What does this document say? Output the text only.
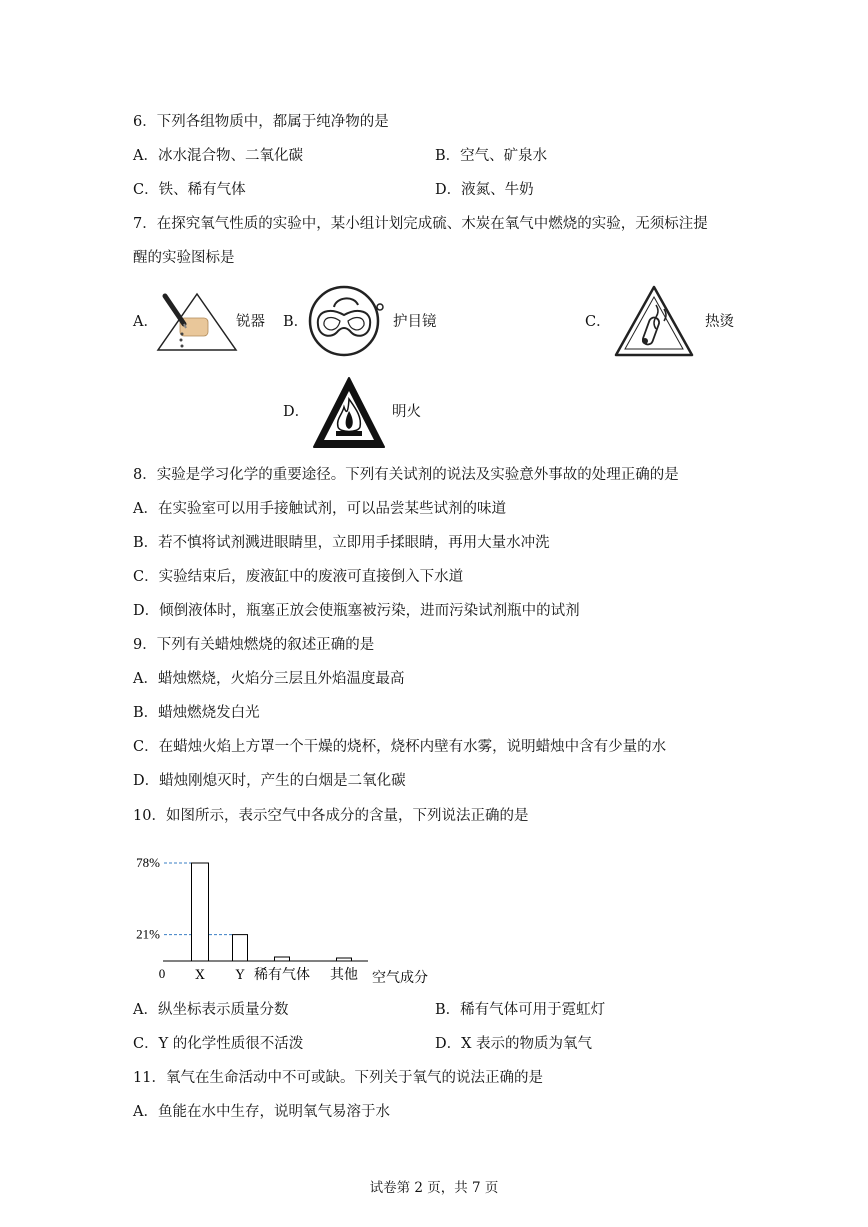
6．下列各组物质中，都属于纯净物的是
A．冰水混合物、二氧化碳	B．空气、矿泉水
C．铁、稀有气体	D．液氮、牛奶
7．在探究氧气性质的实验中，某小组计划完成硫、木炭在氧气中燃烧的实验，无须标注提
醒的实验图标是
A．	锐器 B．	护目镜	C．	热烫
D．	明火
8．实验是学习化学的重要途径。下列有关试剂的说法及实验意外事故的处理正确的是
A．在实验室可以用手接触试剂，可以品尝某些试剂的味道
B．若不慎将试剂溅进眼睛里，立即用手揉眼睛，再用大量水冲洗
C．实验结束后，废液缸中的废液可直接倒入下水道
D．倾倒液体时，瓶塞正放会使瓶塞被污染，进而污染试剂瓶中的试剂
9．下列有关蜡烛燃烧的叙述正确的是
A．蜡烛燃烧，火焰分三层且外焰温度最高
B．蜡烛燃烧发白光
C．在蜡烛火焰上方罩一个干燥的烧杯，烧杯内壁有水雾，说明蜡烛中含有少量的水
D．蜡烛刚熄灭时，产生的白烟是二氧化碳
10．如图所示，表示空气中各成分的含量，下列说法正确的是
78%
21%
0 X Y 稀有气体 其他 空气成分
A．纵坐标表示质量分数	B．稀有气体可用于霓虹灯
C．Y 的化学性质很不活泼	D．X 表示的物质为氧气
11．氧气在生命活动中不可或缺。下列关于氧气的说法正确的是
A．鱼能在水中生存，说明氧气易溶于水
试卷第 2 页，共 7 页
